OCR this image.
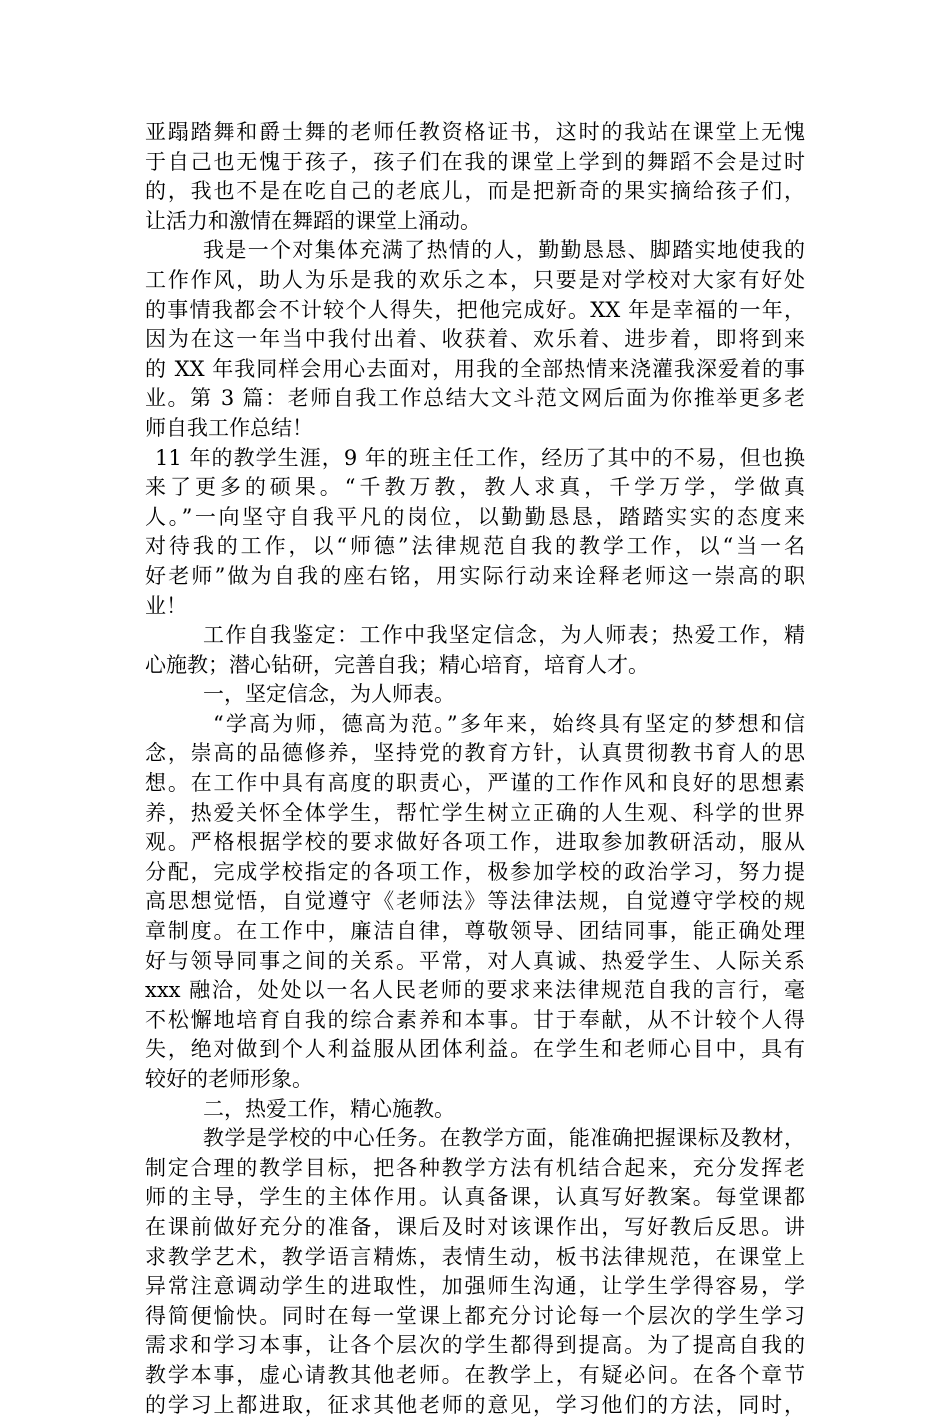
亚蹋踏舞和爵士舞的老师任教资格证书，这时的我站在课堂上无愧
于自己也无愧于孩子，孩子们在我的课堂上学到的舞蹈不会是过时
的，我也不是在吃自己的老底儿，而是把新奇的果实摘给孩子们，
让活力和激情在舞蹈的课堂上涌动。
我是一个对集体充满了热情的人，勤勤恳恳、脚踏实地使我的
工作作风，助人为乐是我的欢乐之本，只要是对学校对大家有好处
的事情我都会不计较个人得失，把他完成好。XX 年是幸福的一年，
因为在这一年当中我付出着、收获着、欢乐着、进步着，即将到来
的 XX 年我同样会用心去面对，用我的全部热情来浇灌我深爱着的事
业。第 3 篇：老师自我工作总结大文斗范文网后面为你推举更多老
师自我工作总结！
11 年的教学生涯，9 年的班主任工作，经历了其中的不易，但也换
来了更多的硕果。“千教万教，教人求真，千学万学，学做真
人。”一向坚守自我平凡的岗位，以勤勤恳恳，踏踏实实的态度来
对待我的工作，以“师德”法律规范自我的教学工作，以“当一名
好老师”做为自我的座右铭，用实际行动来诠释老师这一崇高的职
业！
工作自我鉴定：工作中我坚定信念，为人师表；热爱工作，精
心施教；潜心钻研，完善自我；精心培育，培育人才。
一，坚定信念，为人师表。
“学高为师，德高为范。”多年来，始终具有坚定的梦想和信
念，崇高的品德修养，坚持党的教育方针，认真贯彻教书育人的思
想。在工作中具有高度的职责心，严谨的工作作风和良好的思想素
养，热爱关怀全体学生，帮忙学生树立正确的人生观、科学的世界
观。严格根据学校的要求做好各项工作，进取参加教研活动，服从
分配，完成学校指定的各项工作，极参加学校的政治学习，努力提
高思想觉悟，自觉遵守《老师法》等法律法规，自觉遵守学校的规
章制度。在工作中，廉洁自律，尊敬领导、团结同事，能正确处理
好与领导同事之间的关系。平常，对人真诚、热爱学生、人际关系
xxx 融洽，处处以一名人民老师的要求来法律规范自我的言行，毫
不松懈地培育自我的综合素养和本事。甘于奉献，从不计较个人得
失，绝对做到个人利益服从团体利益。在学生和老师心目中，具有
较好的老师形象。
二，热爱工作，精心施教。
教学是学校的中心任务。在教学方面，能准确把握课标及教材，
制定合理的教学目标，把各种教学方法有机结合起来，充分发挥老
师的主导，学生的主体作用。认真备课，认真写好教案。每堂课都
在课前做好充分的准备，课后及时对该课作出，写好教后反思。讲
求教学艺术，教学语言精炼，表情生动，板书法律规范，在课堂上
异常注意调动学生的进取性，加强师生沟通，让学生学得容易，学
得简便愉快。同时在每一堂课上都充分讨论每一个层次的学生学习
需求和学习本事，让各个层次的学生都得到提高。为了提高自我的
教学本事，虚心请教其他老师。在教学上，有疑必问。在各个章节
的学习上都进取，征求其他老师的意见，学习他们的方法，同时，
